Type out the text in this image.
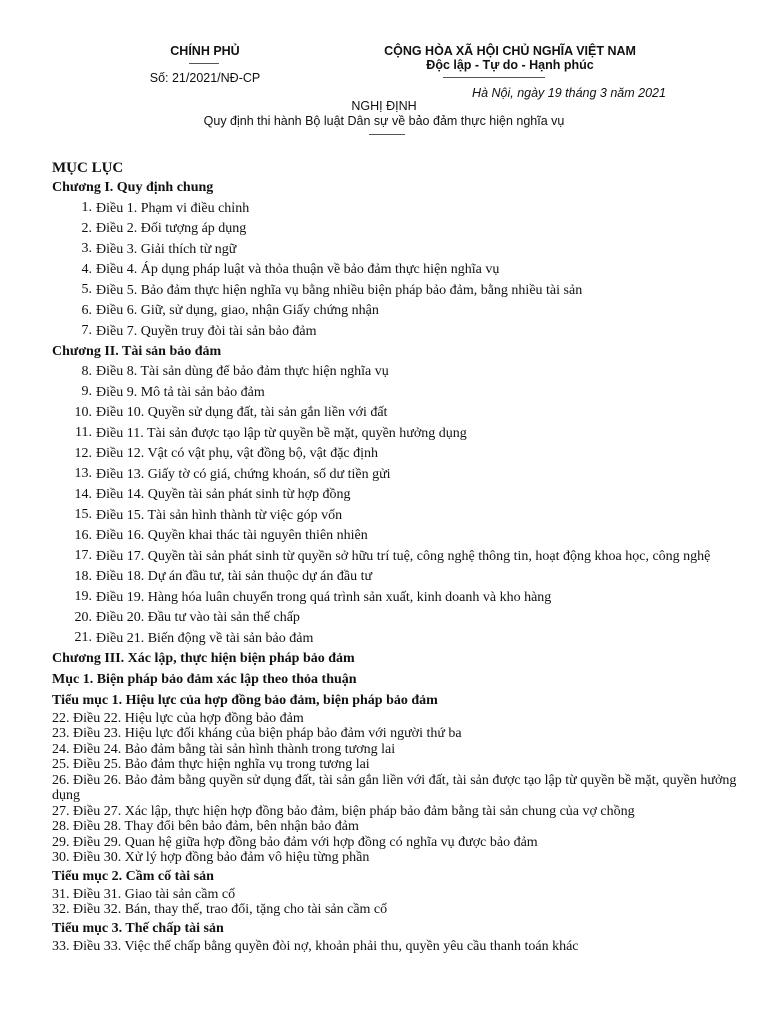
CHÍNH PHỦ
Số: 21/2021/NĐ-CP
CỘNG HÒA XÃ HỘI CHỦ NGHĨA VIỆT NAM
Độc lập - Tự do - Hạnh phúc
Hà Nội, ngày 19 tháng 3 năm 2021
NGHỊ ĐỊNH
Quy định thi hành Bộ luật Dân sự về bảo đảm thực hiện nghĩa vụ
MỤC LỤC
Chương I. Quy định chung
1. Điều 1. Phạm vi điều chỉnh
2. Điều 2. Đối tượng áp dụng
3. Điều 3. Giải thích từ ngữ
4. Điều 4. Áp dụng pháp luật và thỏa thuận về bảo đảm thực hiện nghĩa vụ
5. Điều 5. Bảo đảm thực hiện nghĩa vụ bằng nhiều biện pháp bảo đảm, bằng nhiều tài sản
6. Điều 6. Giữ, sử dụng, giao, nhận Giấy chứng nhận
7. Điều 7. Quyền truy đòi tài sản bảo đảm
Chương II. Tài sản bảo đảm
8. Điều 8. Tài sản dùng để bảo đảm thực hiện nghĩa vụ
9. Điều 9. Mô tả tài sản bảo đảm
10. Điều 10. Quyền sử dụng đất, tài sản gắn liền với đất
11. Điều 11. Tài sản được tạo lập từ quyền bề mặt, quyền hưởng dụng
12. Điều 12. Vật có vật phụ, vật đồng bộ, vật đặc định
13. Điều 13. Giấy tờ có giá, chứng khoán, số dư tiền gửi
14. Điều 14. Quyền tài sản phát sinh từ hợp đồng
15. Điều 15. Tài sản hình thành từ việc góp vốn
16. Điều 16. Quyền khai thác tài nguyên thiên nhiên
17. Điều 17. Quyền tài sản phát sinh từ quyền sở hữu trí tuệ, công nghệ thông tin, hoạt động khoa học, công nghệ
18. Điều 18. Dự án đầu tư, tài sản thuộc dự án đầu tư
19. Điều 19. Hàng hóa luân chuyển trong quá trình sản xuất, kinh doanh và kho hàng
20. Điều 20. Đầu tư vào tài sản thế chấp
21. Điều 21. Biến động về tài sản bảo đảm
Chương III. Xác lập, thực hiện biện pháp bảo đảm
Mục 1. Biện pháp bảo đảm xác lập theo thỏa thuận
Tiểu mục 1. Hiệu lực của hợp đồng bảo đảm, biện pháp bảo đảm
22. Điều 22. Hiệu lực của hợp đồng bảo đảm
23. Điều 23. Hiệu lực đối kháng của biện pháp bảo đảm với người thứ ba
24. Điều 24. Bảo đảm bằng tài sản hình thành trong tương lai
25. Điều 25. Bảo đảm thực hiện nghĩa vụ trong tương lai
26. Điều 26. Bảo đảm bằng quyền sử dụng đất, tài sản gắn liền với đất, tài sản được tạo lập từ quyền bề mặt, quyền hưởng dụng
27. Điều 27. Xác lập, thực hiện hợp đồng bảo đảm, biện pháp bảo đảm bằng tài sản chung của vợ chồng
28. Điều 28. Thay đổi bên bảo đảm, bên nhận bảo đảm
29. Điều 29. Quan hệ giữa hợp đồng bảo đảm với hợp đồng có nghĩa vụ được bảo đảm
30. Điều 30. Xử lý hợp đồng bảo đảm vô hiệu từng phần
Tiểu mục 2. Cầm cố tài sản
31. Điều 31. Giao tài sản cầm cố
32. Điều 32. Bán, thay thế, trao đổi, tặng cho tài sản cầm cố
Tiểu mục 3. Thế chấp tài sản
33. Điều 33. Việc thế chấp bằng quyền đòi nợ, khoản phải thu, quyền yêu cầu thanh toán khác
